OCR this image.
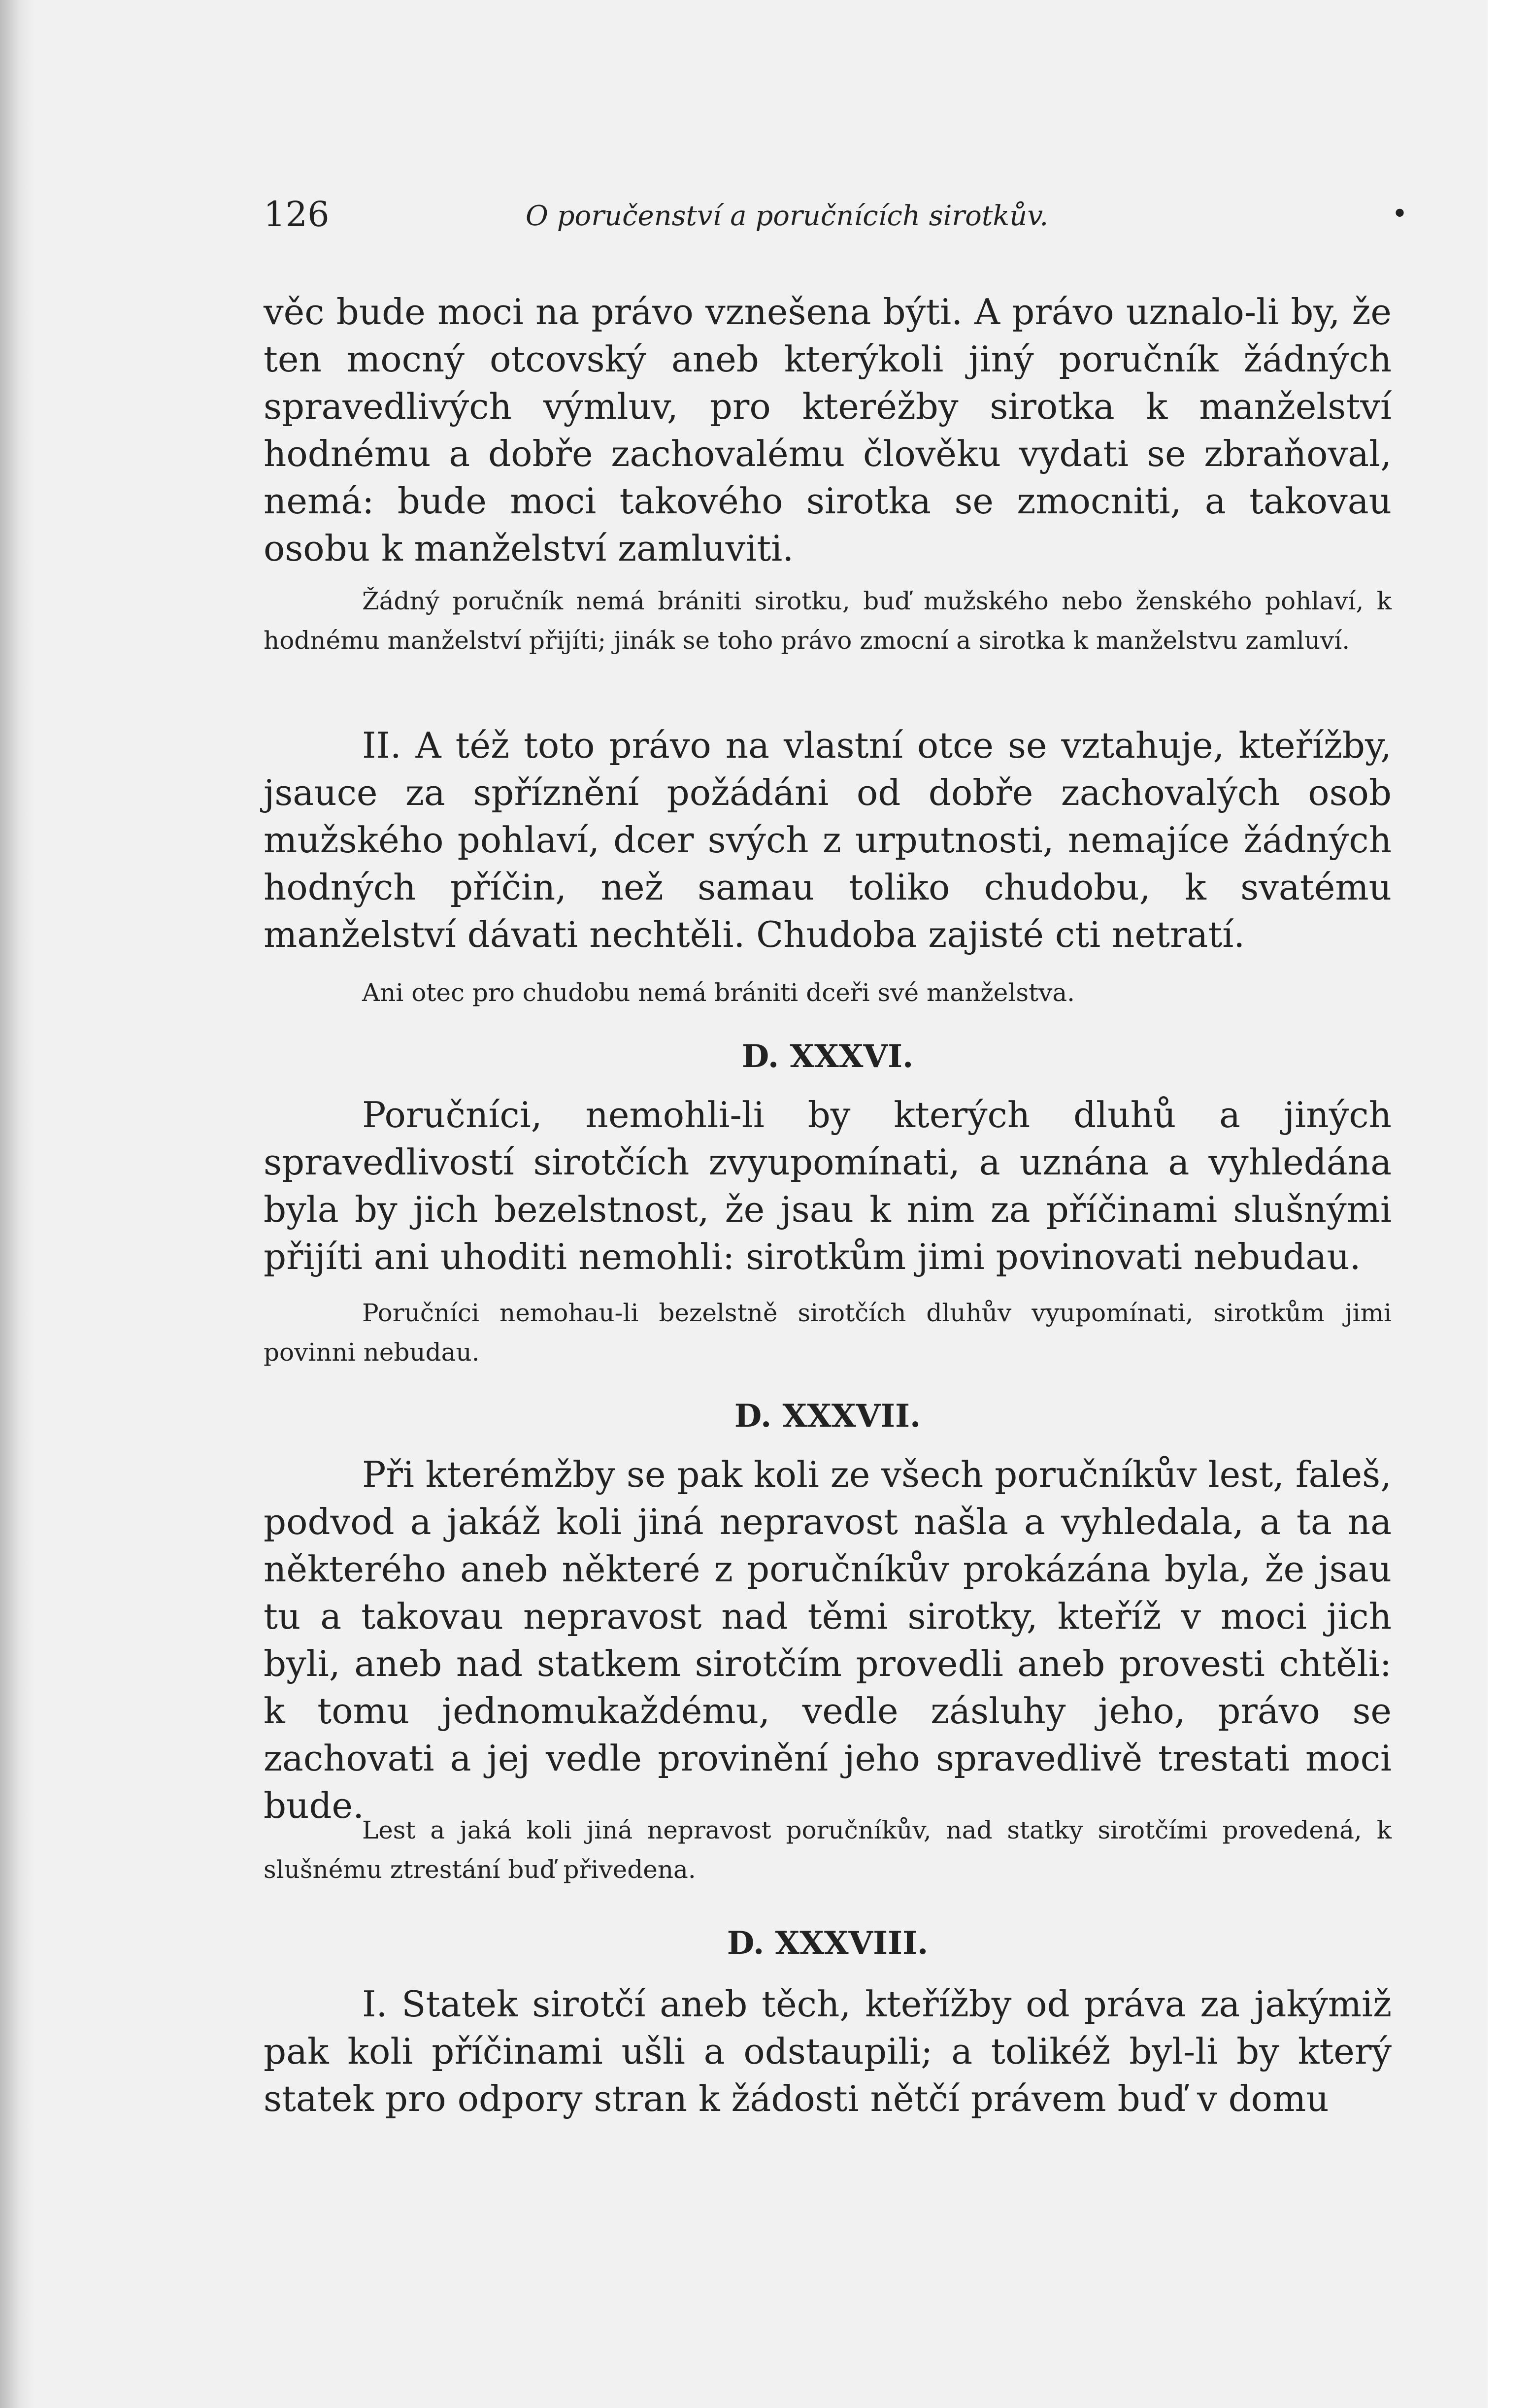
126	O poručenství a poručnících sirotkův.	•

věc bude moci na právo vznešena býti. A právo uznalo-li by, že ten mocný otcovský aneb kterýkoli jiný poručník žádných spravedlivých výmluv, pro kteréžby sirotka k manželství hodnému a dobře zachovalému člověku vydati se zbraňoval, nemá: bude moci takového sirotka se zmocniti, a takovau osobu k manželství zamluviti.

Žádný poručník nemá brániti sirotku, buď mužského nebo ženského pohlaví, k hodnému manželství přijíti; jinák se toho právo zmocní a sirotka k manželstvu zamluví.

II. A též toto právo na vlastní otce se vztahuje, kteřížby, jsauce za spříznění požádáni od dobře zachovalých osob mužského pohlaví, dcer svých z urputnosti, nemajíce žádných hodných příčin, než samau toliko chudobu, k svatému manželství dávati nechtěli. Chudoba zajisté cti netratí.

Ani otec pro chudobu nemá brániti dceři své manželstva.

D. XXXVI.

Poručníci, nemohli-li by kterých dluhů a jiných spravedlivostí sirotčích zvyupomínati, a uznána a vyhledána byla by jich bezelstnost, že jsau k nim za příčinami slušnými přijíti ani uhoditi nemohli: sirotkům jimi povinovati nebudau.

Poručníci nemohau-li bezelstně sirotčích dluhův vyupomínati, sirotkům jimi povinni nebudau.

D. XXXVII.

Při kterémžby se pak koli ze všech poručníkův lest, faleš, podvod a jakáž koli jiná nepravost našla a vyhledala, a ta na některého aneb některé z poručníkův prokázána byla, že jsau tu a takovau nepravost nad těmi sirotky, kteříž v moci jich byli, aneb nad statkem sirotčím provedli aneb provesti chtěli: k tomu jednomukaždému, vedle zásluhy jeho, právo se zachovati a jej vedle provinění jeho spravedlivě trestati moci bude.

Lest a jaká koli jiná nepravost poručníkův, nad statky sirotčími provedená, k slušnému ztrestání buď přivedena.

D. XXXVIII.

I. Statek sirotčí aneb těch, kteřížby od práva za jakýmiž pak koli příčinami ušli a odstaupili; a tolikéž byl-li by který statek pro odpory stran k žádosti nětčí právem buď v domu
